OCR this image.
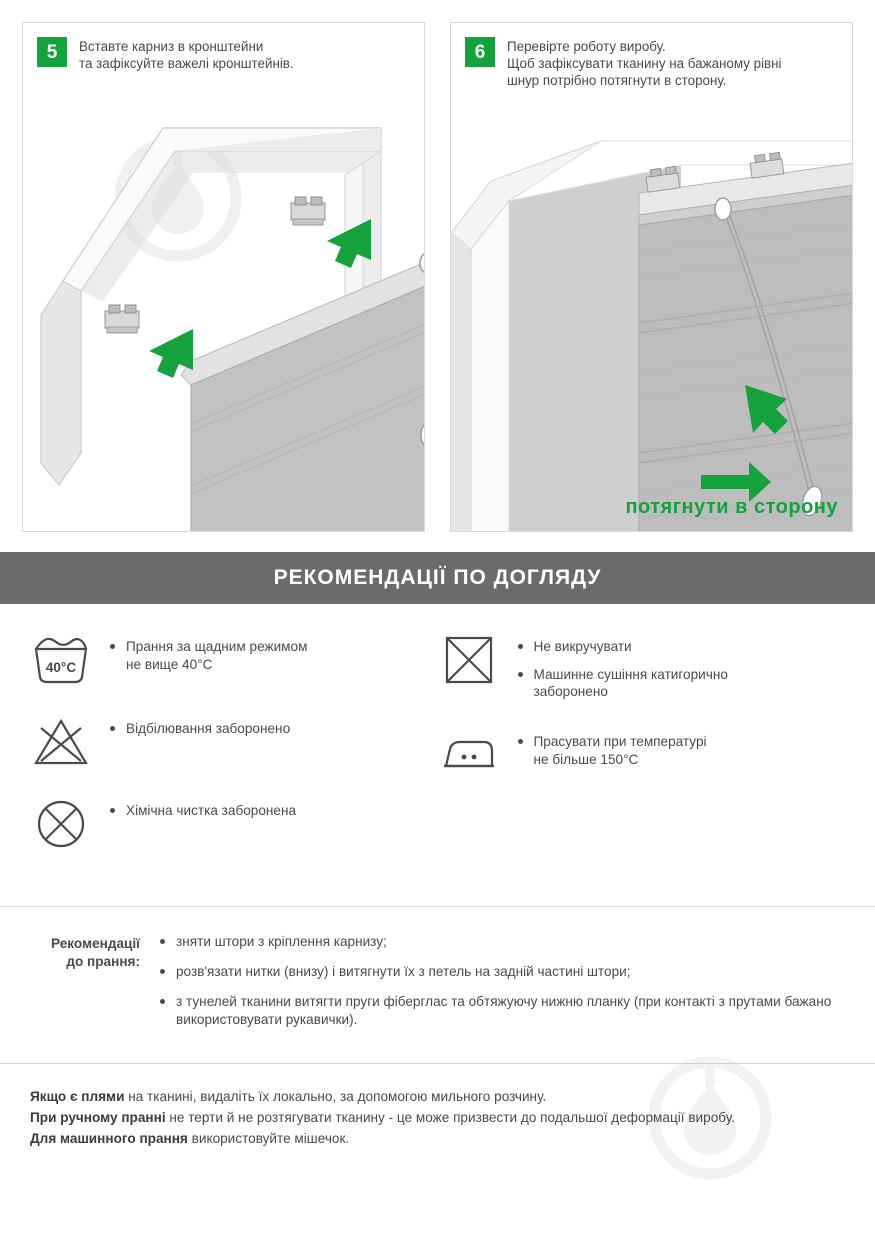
5	Вставте карниз в кронштейни
та зафіксуйте важелі кронштейнів.
6	Перевірте роботу виробу.
Щоб зафіксувати тканину на бажаному рівні
шнур потрібно потягнути в сторону.
потягнути в сторону
РЕКОМЕНДАЦІЇ ПО ДОГЛЯДУ
40°C
Прання за щадним режимом
не вище 40°С
Відбілювання заборонено
Хімічна чистка заборонена
Не викручувати
Машинне сушіння катигорично
заборонено
Прасувати при температурі
не більше 150°С
Рекомендації
до прання:
зняти штори з кріплення карнизу;
розв'язати нитки (внизу) і витягнути їх з петель на задній частині штори;
з тунелей тканини витягти пруги фіберглас та обтяжуючу нижню планку (при контакті з прутами бажано використовувати рукавички).
Якщо є плями на тканині, видаліть їх локально, за допомогою мильного розчину.
При ручному пранні не терти й не розтягувати тканину - це може призвести до подальшої деформації виробу.
Для машинного прання використовуйте мішечок.
